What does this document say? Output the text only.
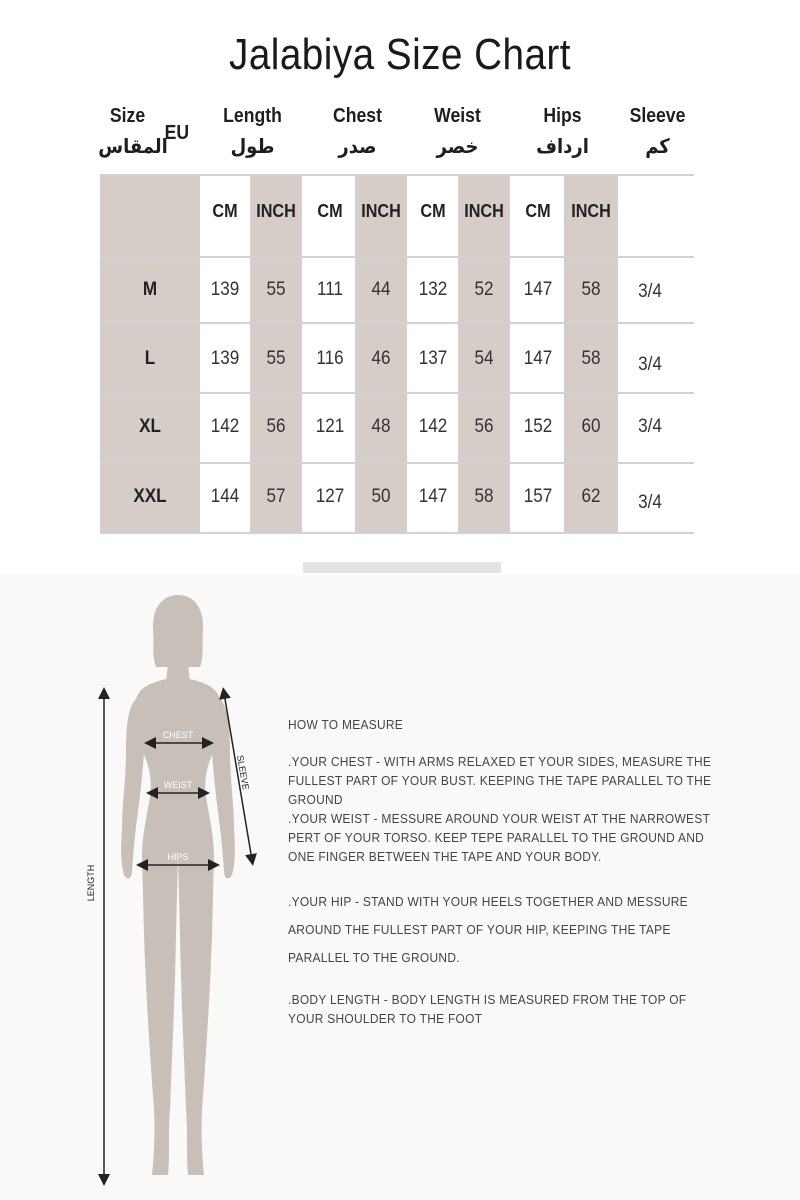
Jalabiya Size Chart
Size
المقاس
EU
Length
طول
Chest
صدر
Weist
خصر
Hips
ارداف
Sleeve
كم
CM	INCH	CM	INCH	CM	INCH	CM	INCH
M	139	55	111	44	132	52	147	58	3/4
L	139	55	116	46	137	54	147	58	3/4
XL	142	56	121	48	142	56	152	60	3/4
XXL	144	57	127	50	147	58	157	62	3/4
CHEST
WEIST
HIPS
SLEEVE
LENGTH
HOW TO MEASURE
.YOUR CHEST - WITH ARMS RELAXED ET YOUR SIDES, MEASURE THE FULLEST PART OF YOUR BUST. KEEPING THE TAPE PARALLEL TO THE GROUND
.YOUR WEIST - MESSURE AROUND YOUR WEIST AT THE NARROWEST PERT OF YOUR TORSO. KEEP TEPE PARALLEL TO THE GROUND AND ONE FINGER BETWEEN THE TAPE AND YOUR BODY.
.YOUR HIP - STAND WITH YOUR HEELS TOGETHER AND MESSURE AROUND THE FULLEST PART OF YOUR HIP, KEEPING THE TAPE PARALLEL TO THE GROUND.
.BODY LENGTH - BODY LENGTH IS MEASURED FROM THE TOP OF YOUR SHOULDER TO THE FOOT
